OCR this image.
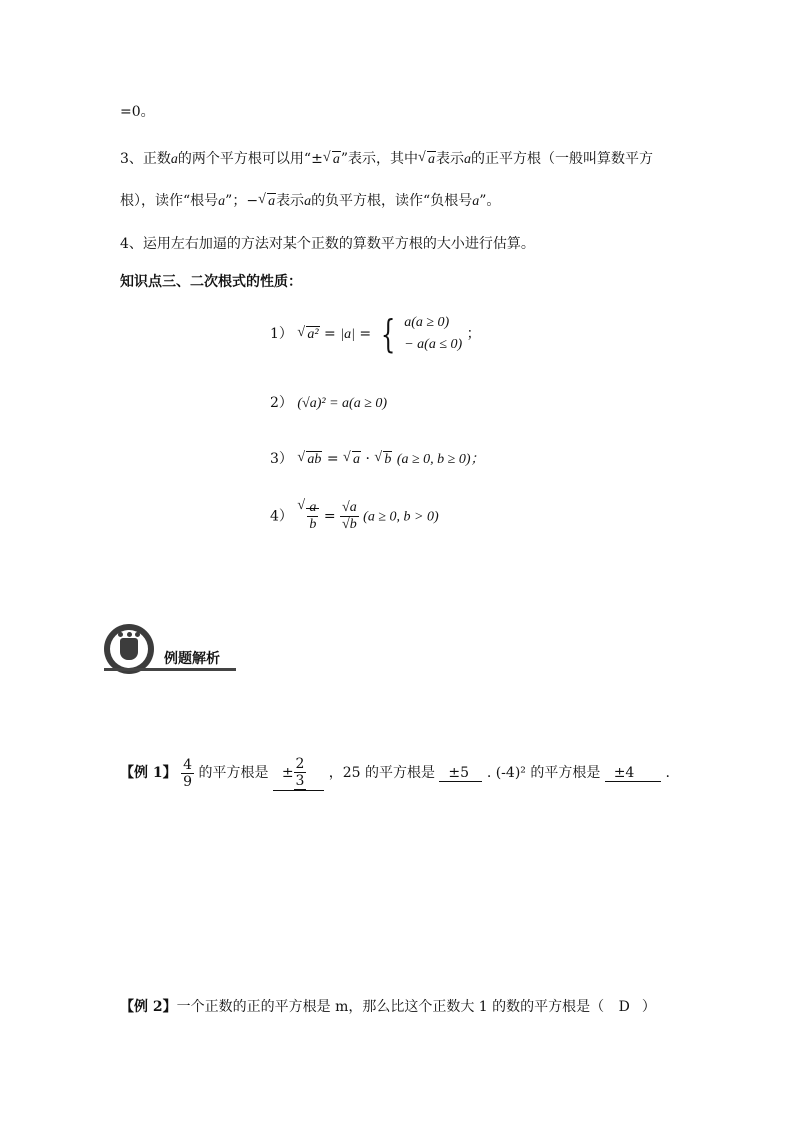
=0。
3、正数a的两个平方根可以用“± √ a”表示，其中 √ a表示a的正平方根（一般叫算数平方
根），读作“根号a”；− √ a表示a的负平方根，读作“负根号a”。
4、运用左右加逼的方法对某个正数的算数平方根的大小进行估算。
知识点三、二次根式的性质：
1） √ a² = |a| = { a(a ≥ 0)
− a(a ≤ 0)
；
2） (√a)² = a(a ≥ 0)
3） √ ab = √ a · √ b (a ≥ 0, b ≥ 0)；
4） √ $\frac{a}{b} = \frac{√a}{√b} (a \ge 0$, b > 0)
例题解析
【例 1】 $\frac{4}{9}$ 的平方根是 ± $\frac{2}{3}$ ，25 的平方根是 ±5 . (-4)² 的平方根是 ±4 .
【例 2】一个正数的正的平方根是 m，那么比这个正数大 1 的数的平方根是（ D ）
